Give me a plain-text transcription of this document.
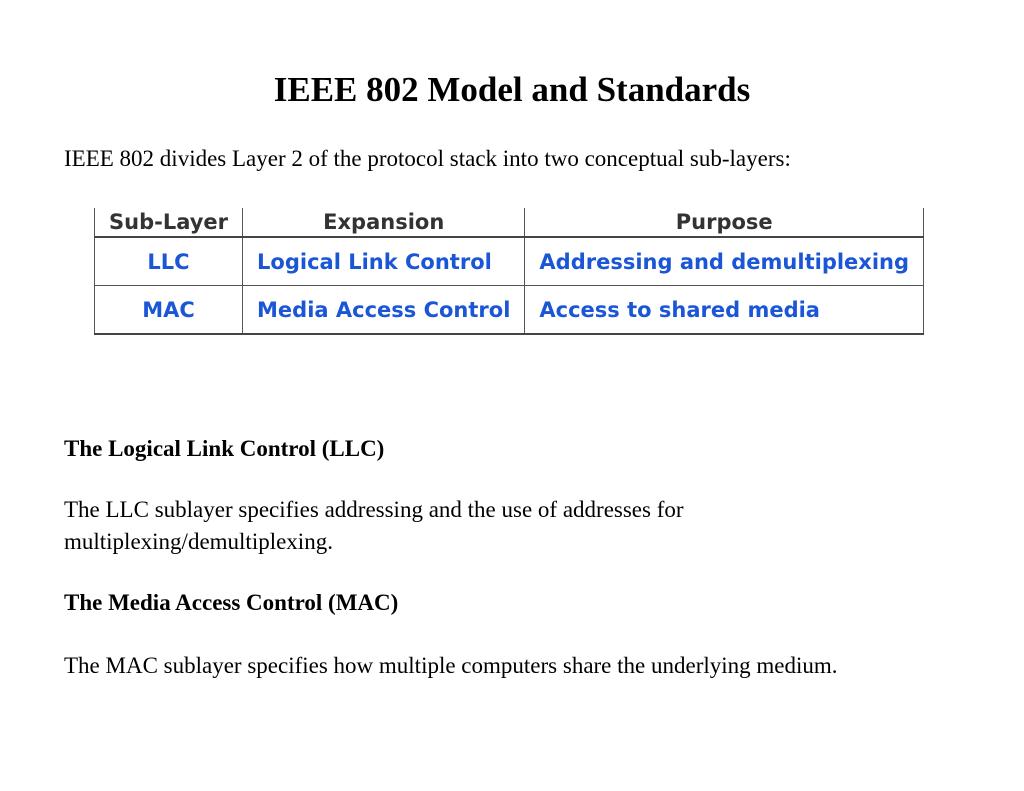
IEEE 802 Model and Standards

IEEE 802 divides Layer 2 of the protocol stack into two conceptual sub-layers:

Sub-Layer	Expansion	Purpose
LLC	Logical Link Control	Addressing and demultiplexing
MAC	Media Access Control	Access to shared media
The Logical Link Control (LLC)

The LLC sublayer specifies addressing and the use of addresses for

multiplexing/demultiplexing.

The Media Access Control (MAC)

The MAC sublayer specifies how multiple computers share the underlying medium.
